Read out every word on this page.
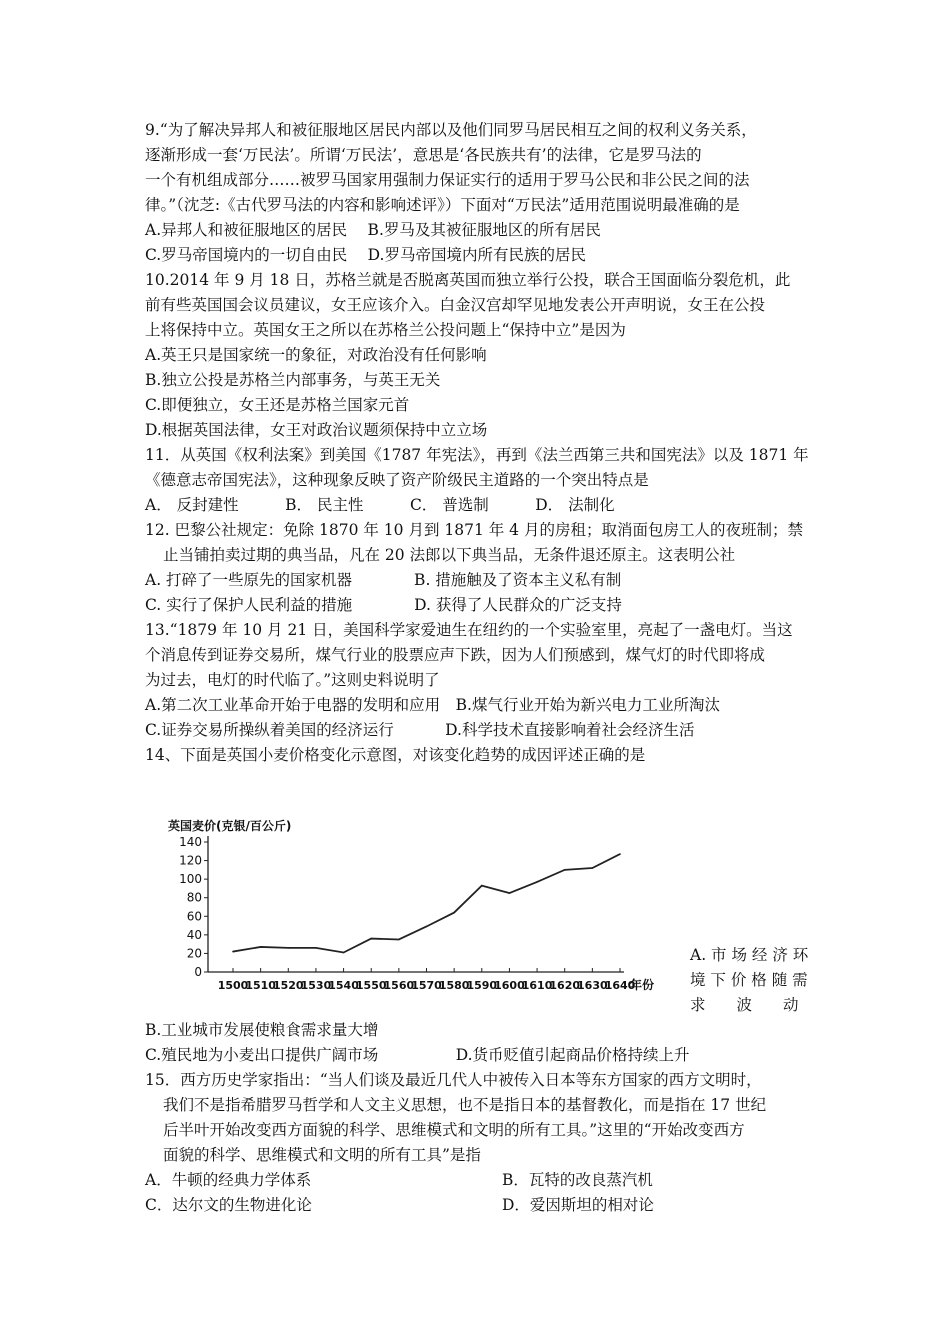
9.“为了解决异邦人和被征服地区居民内部以及他们同罗马居民相互之间的权利义务关系，
逐渐形成一套‘万民法’。所谓‘万民法’，意思是‘各民族共有’的法律，它是罗马法的
一个有机组成部分……被罗马国家用强制力保证实行的适用于罗马公民和非公民之间的法
律。”（沈芝:《古代罗马法的内容和影响述评》）下面对“万民法”适用范围说明最准确的是
A.异邦人和被征服地区的居民　 B.罗马及其被征服地区的所有居民
C.罗马帝国境内的一切自由民　 D.罗马帝国境内所有民族的居民
10.2014 年 9 月 18 日，苏格兰就是否脱离英国而独立举行公投，联合王国面临分裂危机，此
前有些英国国会议员建议，女王应该介入。白金汉宫却罕见地发表公开声明说，女王在公投
上将保持中立。英国女王之所以在苏格兰公投问题上“保持中立”是因为
A.英王只是国家统一的象征，对政治没有任何影响
B.独立公投是苏格兰内部事务，与英王无关
C.即便独立，女王还是苏格兰国家元首
D.根据英国法律，女王对政治议题须保持中立立场
11．从英国《权利法案》到美国《1787 年宪法》，再到《法兰西第三共和国宪法》以及 1871 年
《德意志帝国宪法》，这种现象反映了资产阶级民主道路的一个突出特点是
A． 反封建性　　　B． 民主性　　　C． 普选制　　　D． 法制化
12. 巴黎公社规定：免除 1870 年 10 月到 1871 年 4 月的房租；取消面包房工人的夜班制；禁
止当铺拍卖过期的典当品，凡在 20 法郎以下典当品，无条件退还原主。这表明公社
A. 打碎了一些原先的国家机器　　　　B. 措施触及了资本主义私有制
C. 实行了保护人民利益的措施　　　　D. 获得了人民群众的广泛支持
13.“1879 年 10 月 21 日，美国科学家爱迪生在纽约的一个实验室里，亮起了一盏电灯。当这
个消息传到证券交易所，煤气行业的股票应声下跌，因为人们预感到，煤气灯的时代即将成
为过去，电灯的时代临了。”这则史料说明了
A.第二次工业革命开始于电器的发明和应用　B.煤气行业开始为新兴电力工业所淘汰
C.证券交易所操纵着美国的经济运行　　　 D.科学技术直接影响着社会经济生活
14、下面是英国小麦价格变化示意图，对该变化趋势的成因评述正确的是
英国麦价(克银/百公斤)
0
20
40
60
80
100
120
140
1500
1510
1520
1530
1540
1550
1560
1570
1580
1590
1600
1610
1620
1630
1640
年份
A. 市 场 经 济 环
境 下 价 格 随 需
求　　波　　动
B.工业城市发展使粮食需求量大增
C.殖民地为小麦出口提供广阔市场　　　　　D.货币贬值引起商品价格持续上升
15．西方历史学家指出：“当人们谈及最近几代人中被传入日本等东方国家的西方文明时，
我们不是指希腊罗马哲学和人文主义思想，也不是指日本的基督教化，而是指在 17 世纪
后半叶开始改变西方面貌的科学、思维模式和文明的所有工具。”这里的“开始改变西方
面貌的科学、思维模式和文明的所有工具”是指
A．牛顿的经典力学体系	B．瓦特的改良蒸汽机
C．达尔文的生物进化论	D．爱因斯坦的相对论
